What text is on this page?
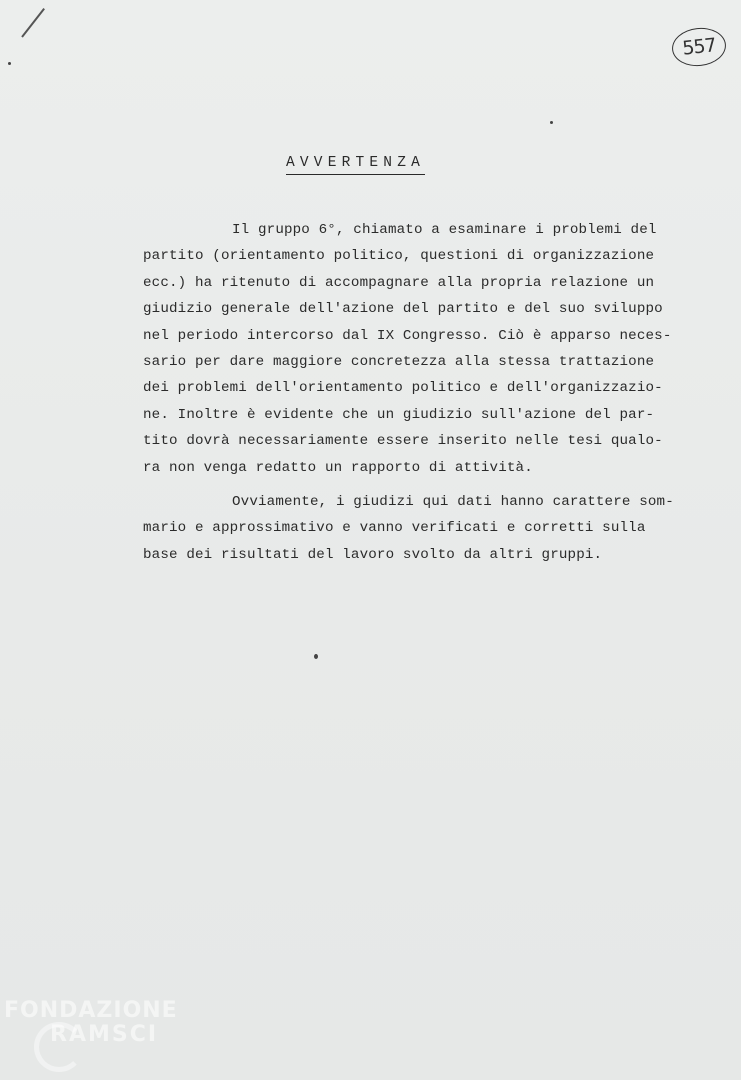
557
AVVERTENZA
Il gruppo 6°, chiamato a esaminare i problemi del
partito (orientamento politico, questioni di organizzazione
ecc.) ha ritenuto di accompagnare alla propria relazione un
giudizio generale dell'azione del partito e del suo sviluppo
nel periodo intercorso dal IX Congresso. Ciò è apparso neces-
sario per dare maggiore concretezza alla stessa trattazione
dei problemi dell'orientamento politico e dell'organizzazio-
ne. Inoltre è evidente che un giudizio sull'azione del par-
tito dovrà necessariamente essere inserito nelle tesi qualo-
ra non venga redatto un rapporto di attività.
Ovviamente, i giudizi qui dati hanno carattere som-
mario e approssimativo e vanno verificati e corretti sulla
base dei risultati del lavoro svolto da altri gruppi.
FONDAZIONE
RAMSCI
